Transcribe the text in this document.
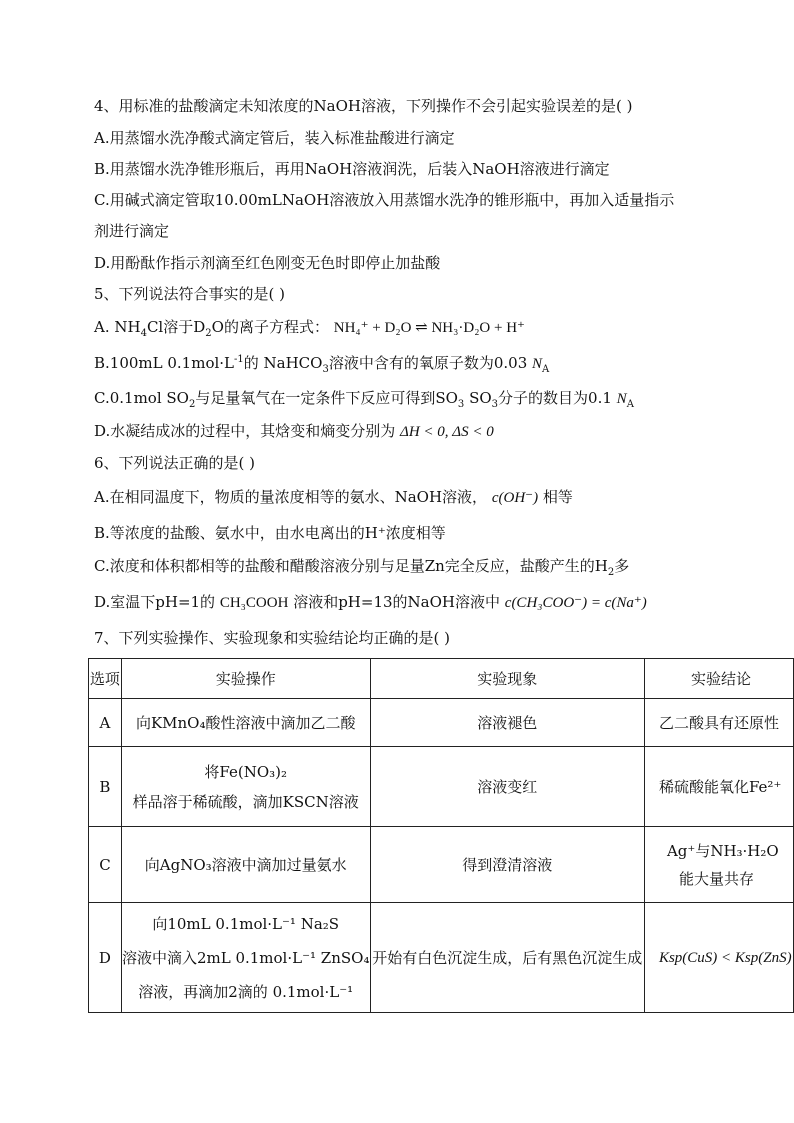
4、用标准的盐酸滴定未知浓度的NaOH溶液，下列操作不会引起实验误差的是( )
A.用蒸馏水洗净酸式滴定管后，装入标准盐酸进行滴定
B.用蒸馏水洗净锥形瓶后，再用NaOH溶液润洗，后装入NaOH溶液进行滴定
C.用碱式滴定管取10.00mLNaOH溶液放入用蒸馏水洗净的锥形瓶中，再加入适量指示
剂进行滴定
D.用酚酞作指示剂滴至红色刚变无色时即停止加盐酸
5、下列说法符合事实的是( )
A. $NH_4Cl$溶于$D_2O$的离子方程式： NH₄⁺ + D₂O ⇌ NH₃·D₂O + H⁺
B.100mL $0.1mol\cdot L^{-1}$的 NaHCO$_3$溶液中含有的氧原子数为0.03 $N_A$
C.0.1mol $SO_2$与足量氧气在一定条件下反应可得到$SO_3$ $SO_3$分子的数目为0.1 $N_A$
D.水凝结成冰的过程中，其焓变和熵变分别为 ΔH < 0, ΔS < 0
6、下列说法正确的是( )
A.在相同温度下，物质的量浓度相等的氨水、NaOH溶液， c(OH⁻) 相等
B.等浓度的盐酸、氨水中，由水电离出的H⁺浓度相等
C.浓度和体积都相等的盐酸和醋酸溶液分别与足量Zn完全反应，盐酸产生的$H_2$多
D.室温下pH=1的 CH₃COOH 溶液和pH=13的NaOH溶液中 c(CH₃COO⁻) = c(Na⁺)
7、下列实验操作、实验现象和实验结论均正确的是( )
选项	实验操作	实验现象	实验结论
A	向KMnO₄酸性溶液中滴加乙二酸	溶液褪色	乙二酸具有还原性
B	将Fe(NO₃)₂
样品溶于稀硫酸，滴加KSCN溶液	溶液变红	稀硫酸能氧化Fe²⁺
C	向AgNO₃溶液中滴加过量氨水	得到澄清溶液	Ag⁺与NH₃·H₂O
能大量共存

D	向10mL 0.1mol·L⁻¹ Na₂S
溶液中滴入2mL 0.1mol·L⁻¹ ZnSO₄
溶液，再滴加2滴的 0.1mol·L⁻¹	开始有白色沉淀生成，后有黑色沉淀生成	Ksp(CuS) < Ksp(ZnS)
